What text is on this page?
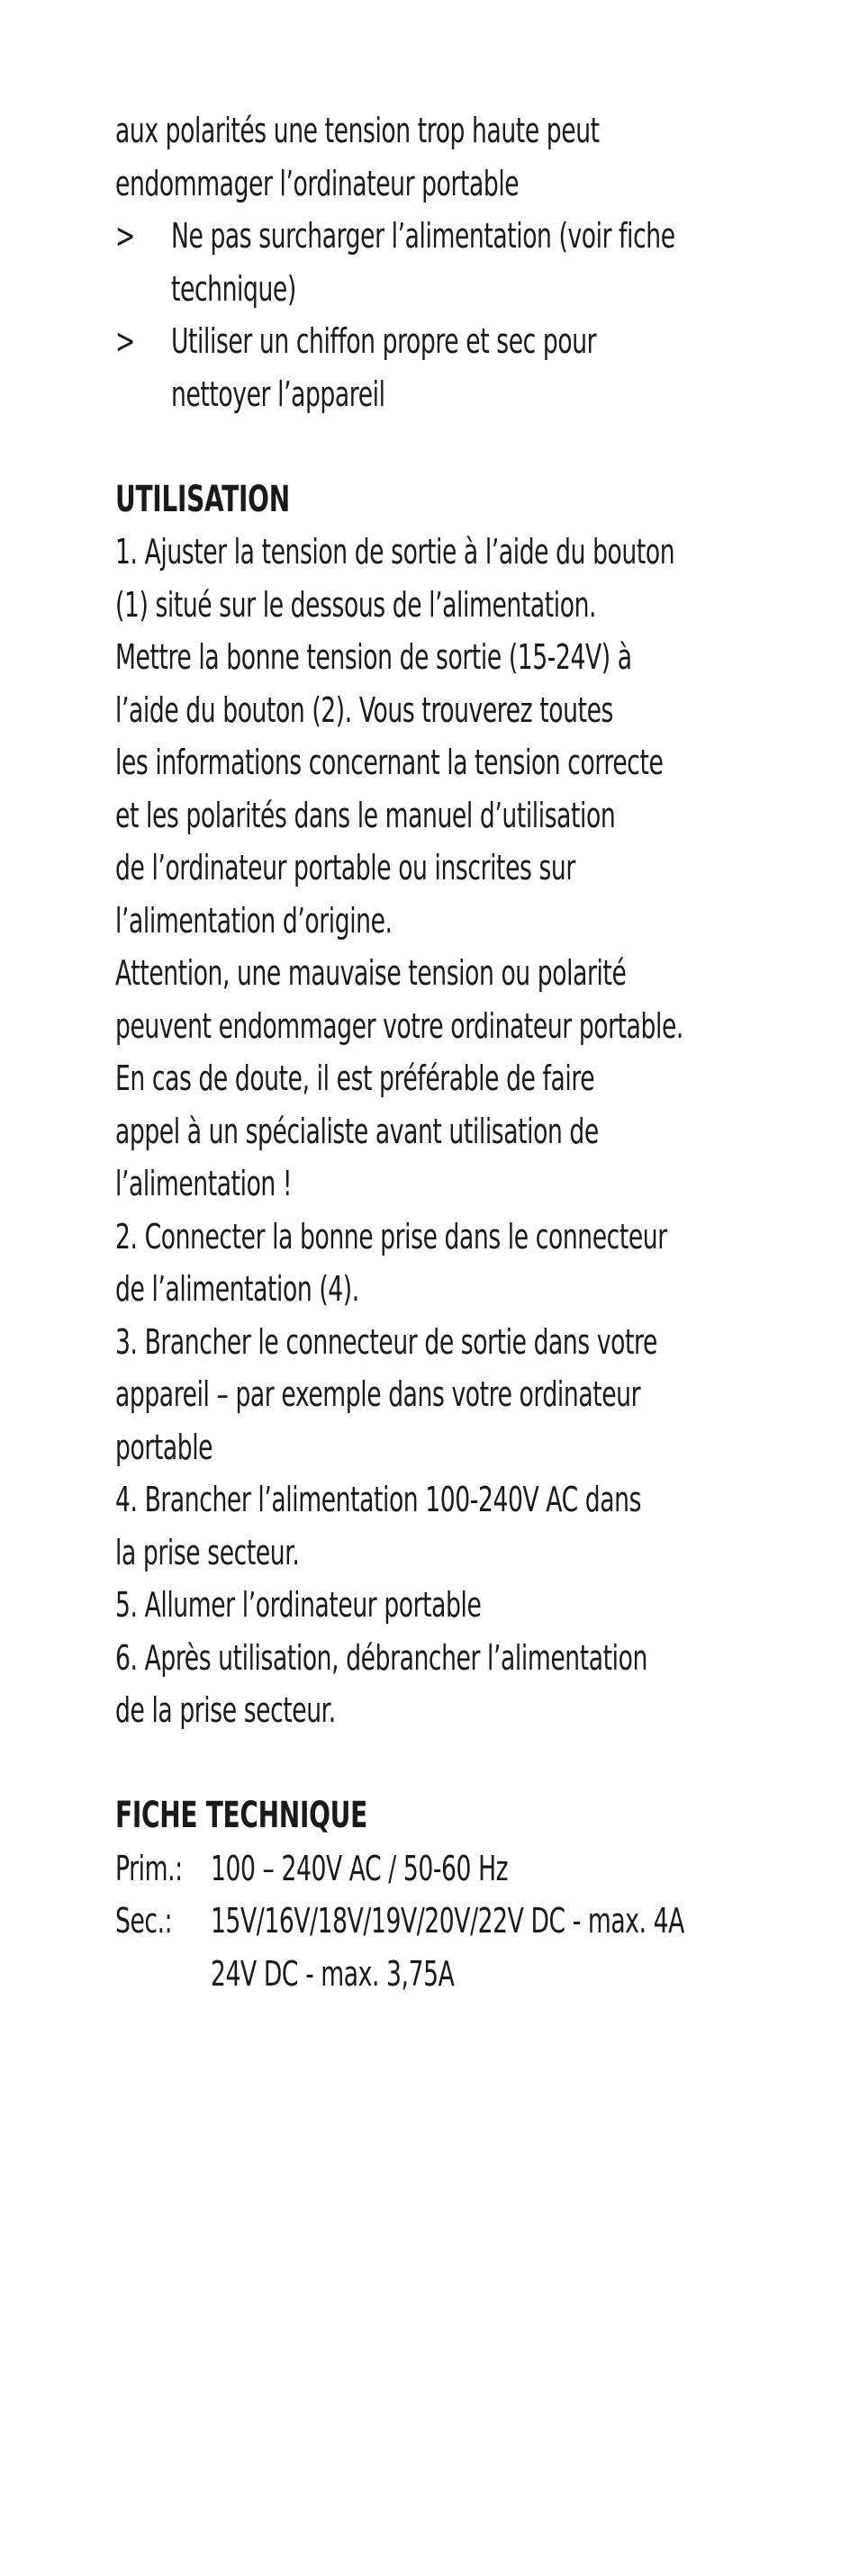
aux polarités une tension trop haute peut
endommager l’ordinateur portable
>	Ne pas surcharger l’alimentation (voir fiche
technique)
>	Utiliser un chiffon propre et sec pour
nettoyer l’appareil
UTILISATION
1. Ajuster la tension de sortie à l’aide du bouton
(1) situé sur le dessous de l’alimentation.
Mettre la bonne tension de sortie (15-24V) à
l’aide du bouton (2). Vous trouverez toutes
les informations concernant la tension correcte
et les polarités dans le manuel d’utilisation
de l’ordinateur portable ou inscrites sur
l’alimentation d’origine.
Attention, une mauvaise tension ou polarité
peuvent endommager votre ordinateur portable.
En cas de doute, il est préférable de faire
appel à un spécialiste avant utilisation de
l’alimentation !
2. Connecter la bonne prise dans le connecteur
de l’alimentation (4).
3. Brancher le connecteur de sortie dans votre
appareil – par exemple dans votre ordinateur
portable
4. Brancher l’alimentation 100-240V AC dans
la prise secteur.
5. Allumer l’ordinateur portable
6. Après utilisation, débrancher l’alimentation
de la prise secteur.
FICHE TECHNIQUE
Prim.: 100 – 240V AC / 50-60 Hz
Sec.: 15V/16V/18V/19V/20V/22V DC - max. 4A
24V DC - max. 3,75A
